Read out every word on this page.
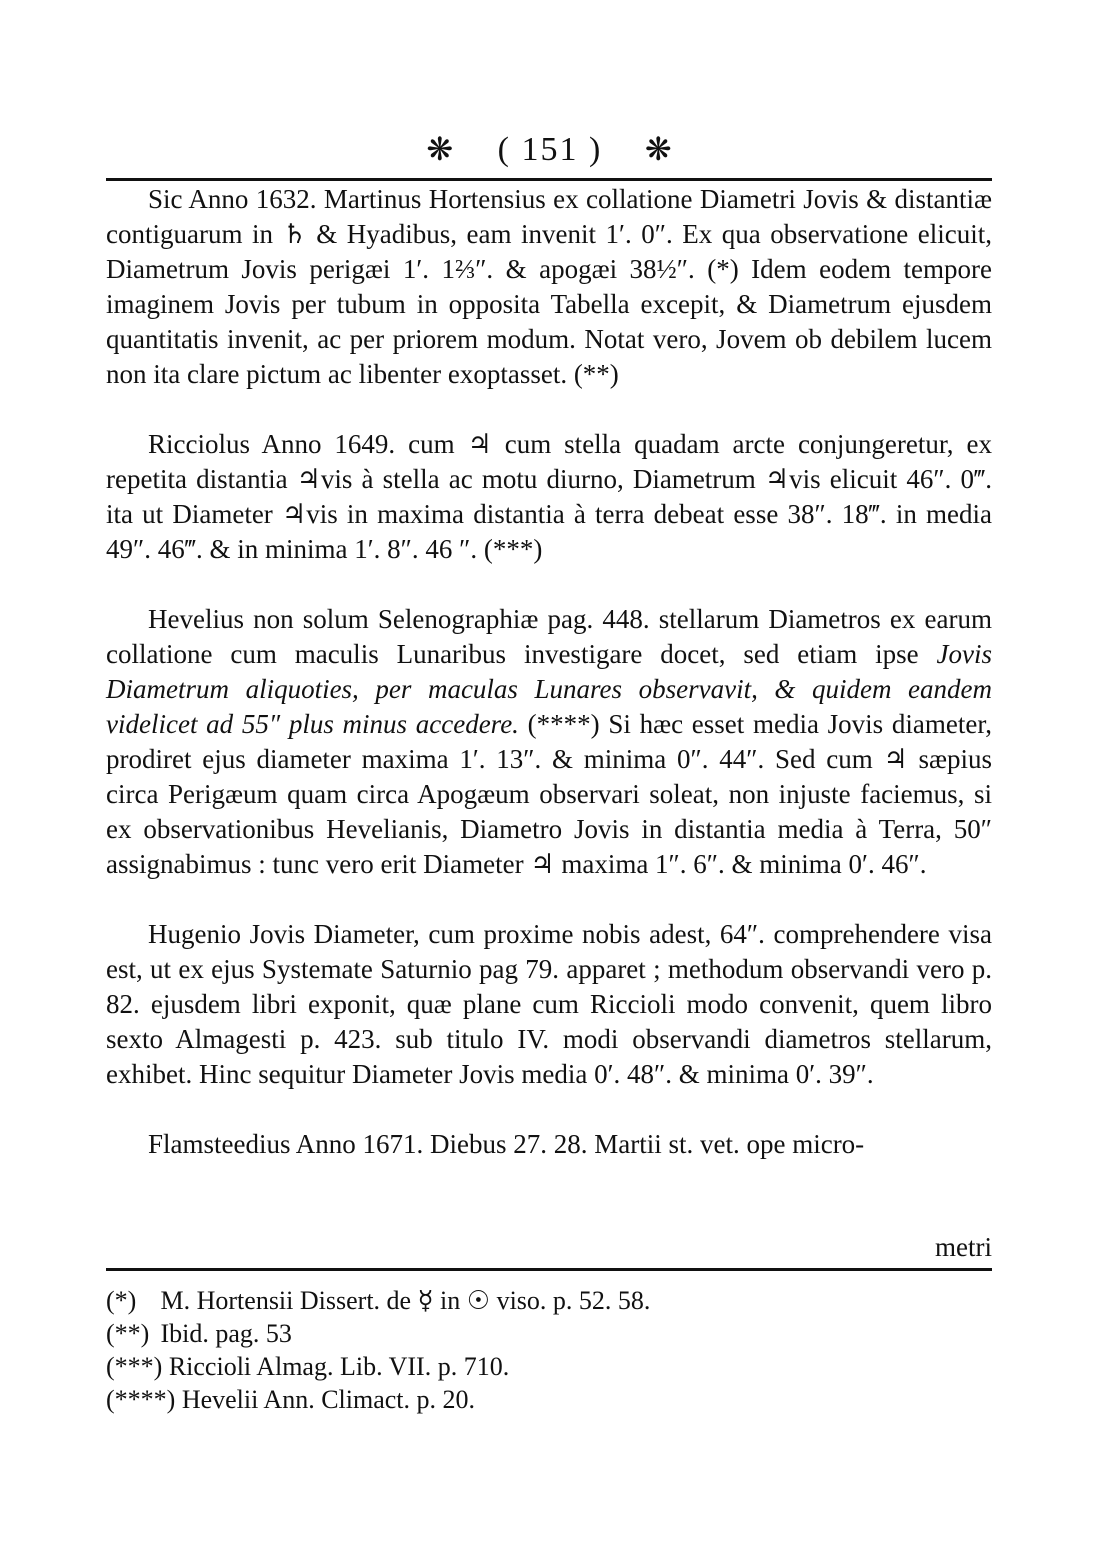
❋ ( 151 ) ❋

Sic Anno 1632. Martinus Hortensius ex collatione Diametri Jovis & distantiæ contiguarum in ♄ & Hyadibus, eam invenit 1′. 0″. Ex qua observatione elicuit, Diametrum Jovis perigæi 1′. 1⅔″. & apogæi 38½″. (*) Idem eodem tempore imaginem Jovis per tubum in opposita Tabella excepit, & Diametrum ejusdem quantitatis invenit, ac per priorem modum. Notat vero, Jovem ob debilem lucem non ita clare pictum ac libenter exoptasset. (**)

Ricciolus Anno 1649. cum ♃ cum stella quadam arcte conjungeretur, ex repetita distantia ♃vis à stella ac motu diurno, Diametrum ♃vis elicuit 46″. 0‴. ita ut Diameter ♃vis in maxima distantia à terra debeat esse 38″. 18‴. in media 49″. 46‴. & in minima 1′. 8″. 46 ″. (***)

Hevelius non solum Selenographiæ pag. 448. stellarum Diametros ex earum collatione cum maculis Lunaribus investigare docet, sed etiam ipse Jovis Diametrum aliquoties, per maculas Lunares observavit, & quidem eandem videlicet ad 55″ plus minus accedere. (****) Si hæc esset media Jovis diameter, prodiret ejus diameter maxima 1′. 13″. & minima 0″. 44″. Sed cum ♃ sæpius circa Perigæum quam circa Apogæum observari soleat, non injuste faciemus, si ex observationibus Hevelianis, Diametro Jovis in distantia media à Terra, 50″ assignabimus : tunc vero erit Diameter ♃ maxima 1″. 6″. & minima 0′. 46″.

Hugenio Jovis Diameter, cum proxime nobis adest, 64″. comprehendere visa est, ut ex ejus Systemate Saturnio pag 79. apparet ; methodum observandi vero p. 82. ejusdem libri exponit, quæ plane cum Riccioli modo convenit, quem libro sexto Almagesti p. 423. sub titulo IV. modi observandi diametros stellarum, exhibet. Hinc sequitur Diameter Jovis media 0′. 48″. & minima 0′. 39″.

Flamsteedius Anno 1671. Diebus 27. 28. Martii st. vet. ope micro-

metri
(*) M. Hortensii Dissert. de ☿ in ☉ viso. p. 52. 58.
(**) Ibid. pag. 53
(***) Riccioli Almag. Lib. VII. p. 710.
(****) Hevelii Ann. Climact. p. 20.
